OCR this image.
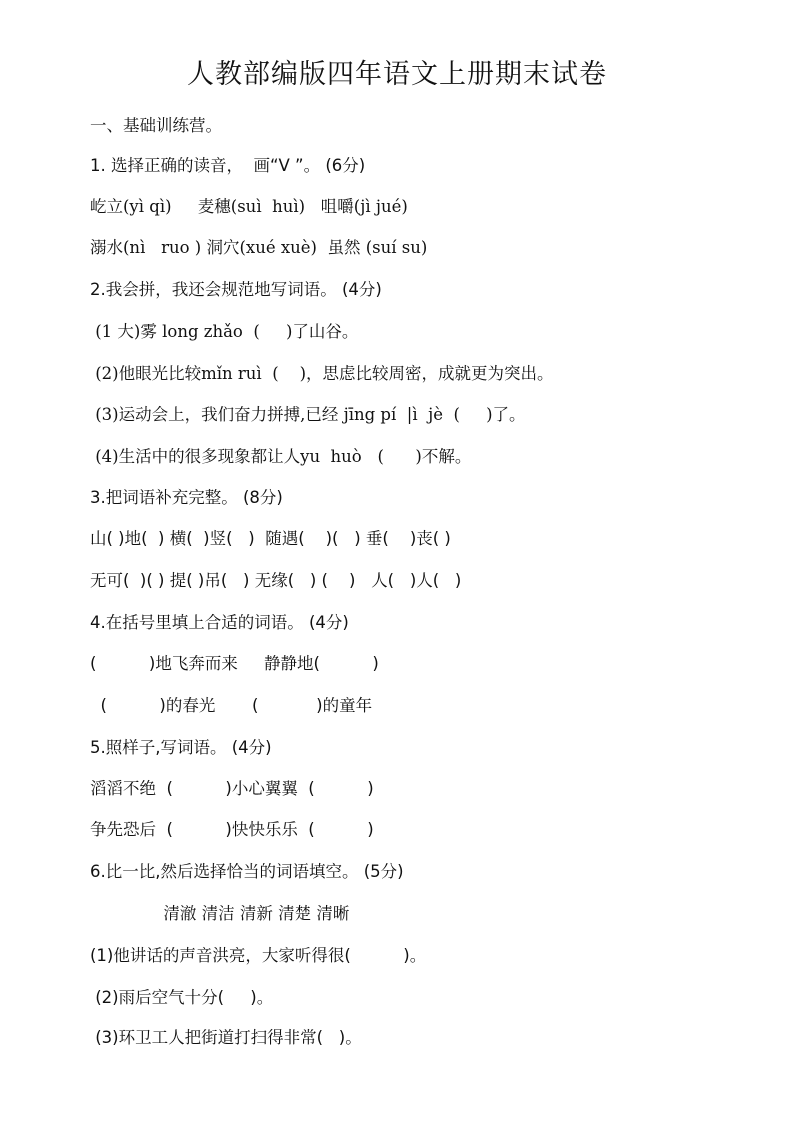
人教部编版四年语文上册期末试卷
一、基础训练营。
1. 选择正确的读音，  画“V ”。 (6分)
屹立(yì qì)     麦穗(suì  huì)   咀嚼(jì jué)
溺水(nì   ruo ) 洞穴(xué xuè)  虽然 (suí su)
2.我会拼，我还会规范地写词语。 (4分)
(1 大)雾 long zhǎo  (     )了山谷。
(2)他眼光比较mǐn ruì  (    )，思虑比较周密，成就更为突出。
(3)运动会上，我们奋力拼搏,已经 jīng pí  |ì  jè  (     )了。
(4)生活中的很多现象都让人yu  huò   (      )不解。
3.把词语补充完整。 (8分)
山( )地(  ) 横(  )竖(   )  随遇(    )(   ) 垂(    )丧( )
无可(  )( ) 提( )吊(   ) 无缘(   ) (    )   人(   )人(   )
4.在括号里填上合适的词语。 (4分)
(          )地飞奔而来     静静地(          )
(          )的春光       (           )的童年
5.照样子,写词语。 (4分)
滔滔不绝  (          )小心翼翼  (          )
争先恐后  (          )快快乐乐  (          )
6.比一比,然后选择恰当的词语填空。 (5分)
清澈 清洁 清新 清楚 清晰
(1)他讲话的声音洪亮，大家听得很(          )。
(2)雨后空气十分(     )。
(3)环卫工人把街道打扫得非常(   )。
